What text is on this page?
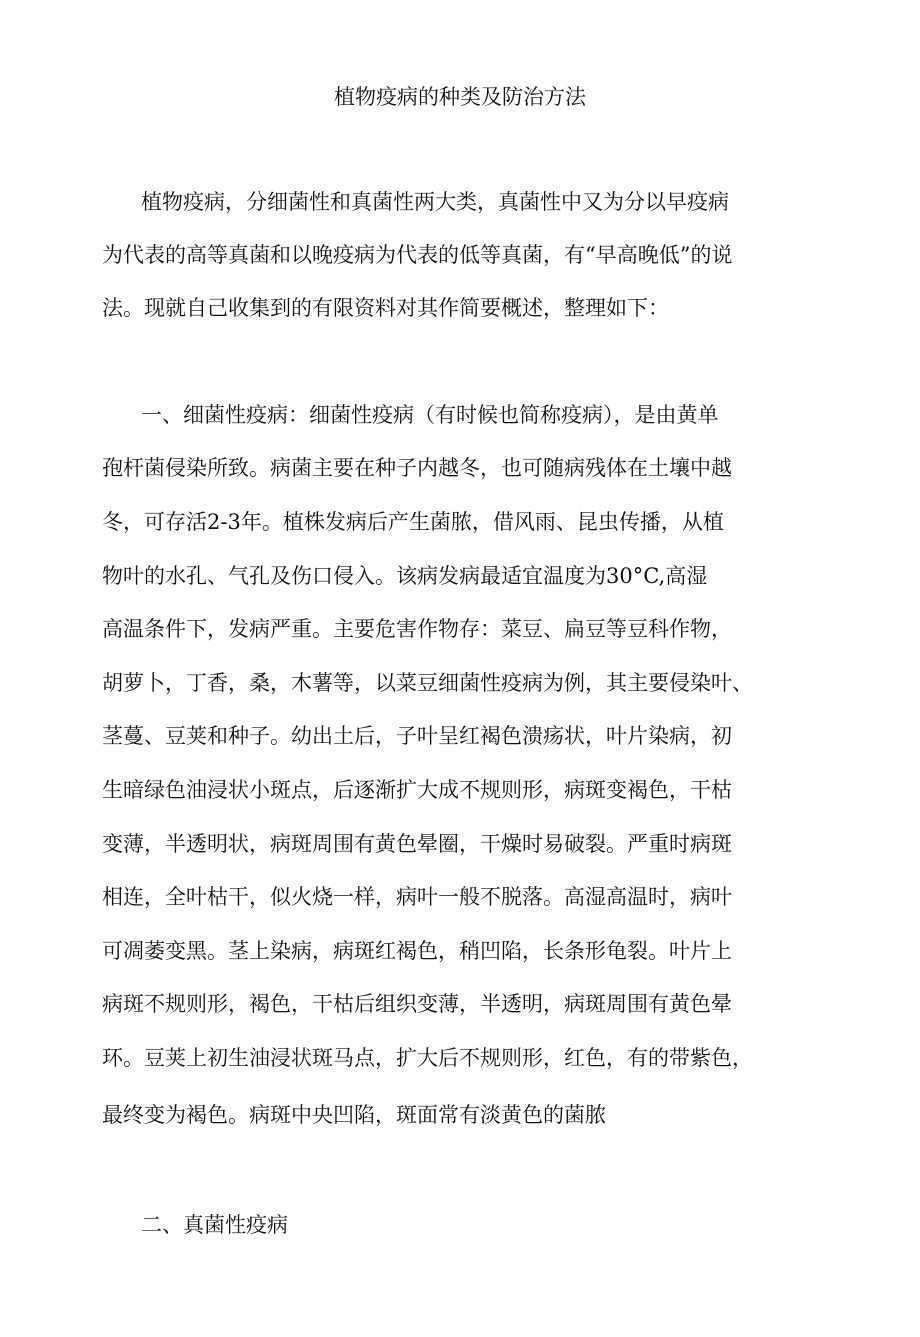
植物疫病的种类及防治方法
植物疫病，分细菌性和真菌性两大类，真菌性中又为分以早疫病
为代表的高等真菌和以晚疫病为代表的低等真菌，有“早高晚低”的说
法。现就自己收集到的有限资料对其作简要概述，整理如下：
一、细菌性疫病：细菌性疫病（有时候也简称疫病），是由黄单
孢杆菌侵染所致。病菌主要在种子内越冬，也可随病残体在土壤中越
冬，可存活2-3年。植株发病后产生菌脓，借风雨、昆虫传播，从植
物叶的水孔、气孔及伤口侵入。该病发病最适宜温度为30°C,高湿
高温条件下，发病严重。主要危害作物存：菜豆、扁豆等豆科作物，
胡萝卜，丁香，桑，木薯等，以菜豆细菌性疫病为例，其主要侵染叶、
茎蔓、豆荚和种子。幼出土后，子叶呈红褐色溃疡状，叶片染病，初
生暗绿色油浸状小斑点，后逐渐扩大成不规则形，病斑变褐色，干枯
变薄，半透明状，病斑周围有黄色晕圈，干燥时易破裂。严重时病斑
相连，全叶枯干，似火烧一样，病叶一般不脱落。高湿高温时，病叶
可凋萎变黑。茎上染病，病斑红褐色，稍凹陷，长条形龟裂。叶片上
病斑不规则形，褐色，干枯后组织变薄，半透明，病斑周围有黄色晕
环。豆荚上初生油浸状斑马点，扩大后不规则形，红色，有的带紫色，
最终变为褐色。病斑中央凹陷，斑面常有淡黄色的菌脓
二、真菌性疫病
